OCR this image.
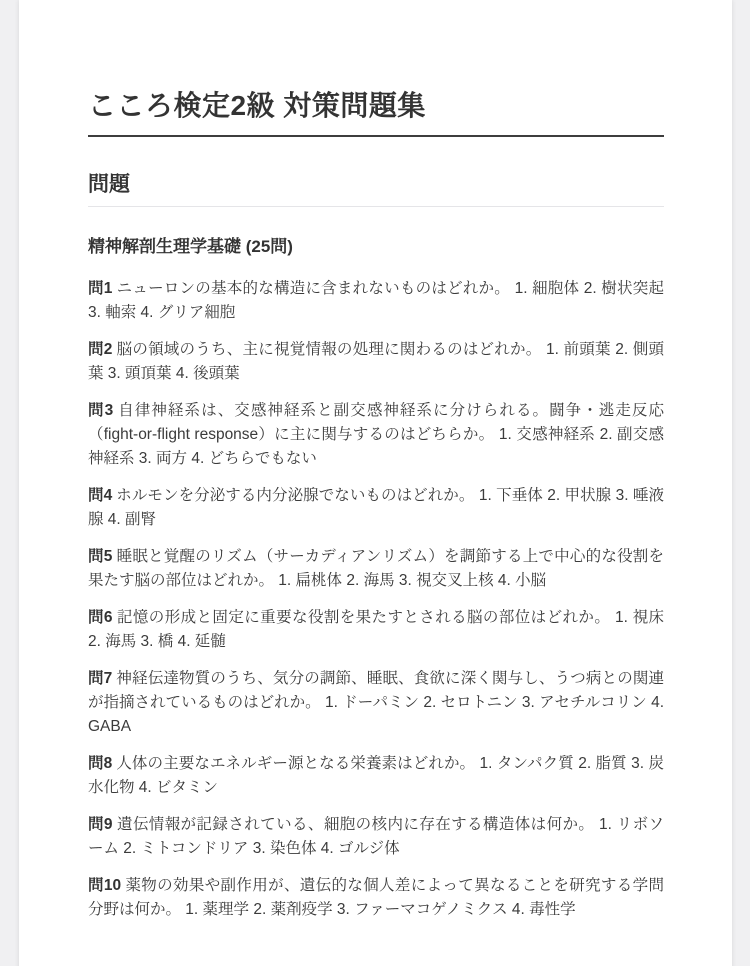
こころ検定2級 対策問題集
問題
精神解剖生理学基礎 (25問)

問1 ニューロンの基本的な構造に含まれないものはどれか。 1. 細胞体 2. 樹状突起 3. 軸索 4. グリア細胞

問2 脳の領域のうち、主に視覚情報の処理に関わるのはどれか。 1. 前頭葉 2. 側頭葉 3. 頭頂葉 4. 後頭葉

問3 自律神経系は、交感神経系と副交感神経系に分けられる。闘争・逃走反応（fight-or-flight response）に主に関与するのはどちらか。 1. 交感神経系 2. 副交感神経系 3. 両方 4. どちらでもない

問4 ホルモンを分泌する内分泌腺でないものはどれか。 1. 下垂体 2. 甲状腺 3. 唾液腺 4. 副腎

問5 睡眠と覚醒のリズム（サーカディアンリズム）を調節する上で中心的な役割を果たす脳の部位はどれか。 1. 扁桃体 2. 海馬 3. 視交叉上核 4. 小脳

問6 記憶の形成と固定に重要な役割を果たすとされる脳の部位はどれか。 1. 視床 2. 海馬 3. 橋 4. 延髄

問7 神経伝達物質のうち、気分の調節、睡眠、食欲に深く関与し、うつ病との関連が指摘されているものはどれか。 1. ドーパミン 2. セロトニン 3. アセチルコリン 4. GABA

問8 人体の主要なエネルギー源となる栄養素はどれか。 1. タンパク質 2. 脂質 3. 炭水化物 4. ビタミン

問9 遺伝情報が記録されている、細胞の核内に存在する構造体は何か。 1. リボソーム 2. ミトコンドリア 3. 染色体 4. ゴルジ体

問10 薬物の効果や副作用が、遺伝的な個人差によって異なることを研究する学問分野は何か。 1. 薬理学 2. 薬剤疫学 3. ファーマコゲノミクス 4. 毒性学
